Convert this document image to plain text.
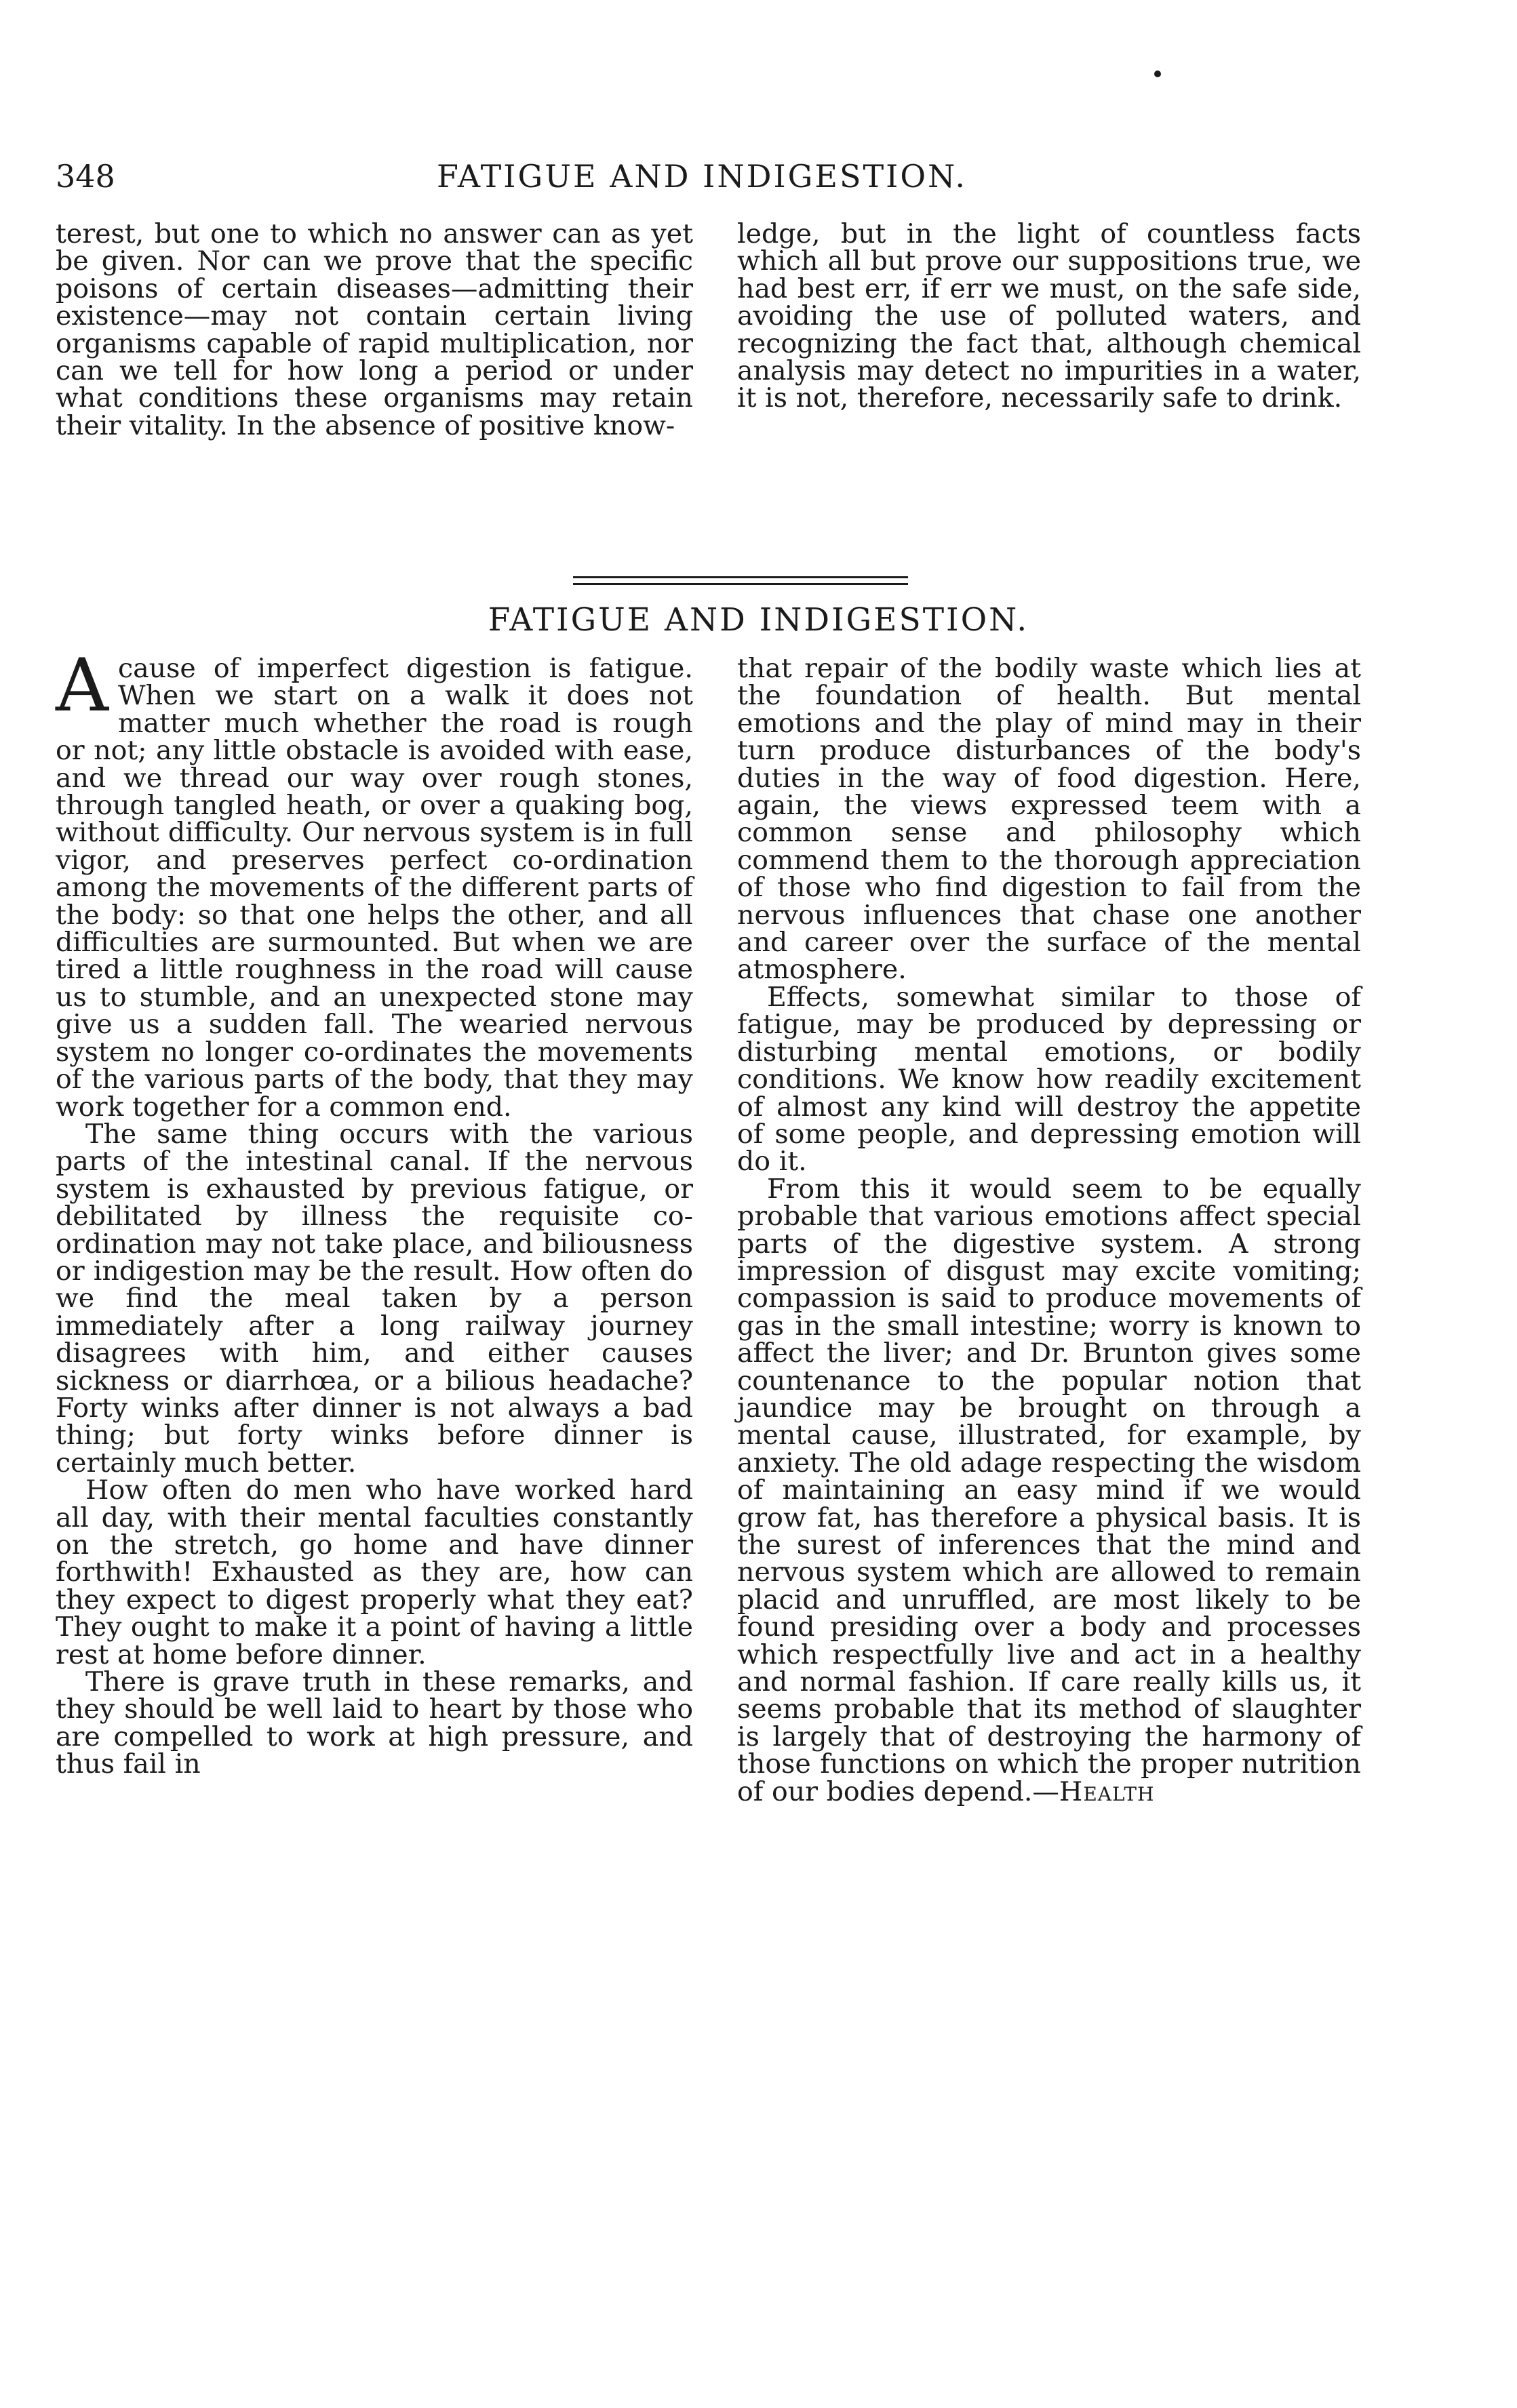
348	FATIGUE AND INDIGESTION.

terest, but one to which no answer can as yet be given. Nor can we prove that the specific poisons of certain diseases—admitting their existence—may not contain certain living organisms capable of rapid multiplication, nor can we tell for how long a period or under what conditions these organisms may retain their vitality. In the absence of positive know-

ledge, but in the light of countless facts which all but prove our suppositions true, we had best err, if err we must, on the safe side, avoiding the use of polluted waters, and recognizing the fact that, although chemical analysis may detect no impurities in a water, it is not, therefore, necessarily safe to drink.

FATIGUE AND INDIGESTION.

Acause of imperfect digestion is fatigue. When we start on a walk it does not matter much whether the road is rough or not; any little obstacle is avoided with ease, and we thread our way over rough stones, through tangled heath, or over a quaking bog, without difficulty. Our nervous system is in full vigor, and preserves perfect co-ordination among the movements of the different parts of the body: so that one helps the other, and all difficulties are surmounted. But when we are tired a little roughness in the road will cause us to stumble, and an unexpected stone may give us a sudden fall. The wearied nervous system no longer co-ordinates the movements of the various parts of the body, that they may work together for a common end.

The same thing occurs with the various parts of the intestinal canal. If the nervous system is exhausted by previous fatigue, or debilitated by illness the requisite co-ordination may not take place, and biliousness or indigestion may be the result. How often do we find the meal taken by a person immediately after a long railway journey disagrees with him, and either causes sickness or diarrhœa, or a bilious headache? Forty winks after dinner is not always a bad thing; but forty winks before dinner is certainly much better.

How often do men who have worked hard all day, with their mental faculties constantly on the stretch, go home and have dinner forthwith! Exhausted as they are, how can they expect to digest properly what they eat? They ought to make it a point of having a little rest at home before dinner.

There is grave truth in these remarks, and they should be well laid to heart by those who are compelled to work at high pressure, and thus fail in

that repair of the bodily waste which lies at the foundation of health. But mental emotions and the play of mind may in their turn produce disturbances of the body's duties in the way of food digestion. Here, again, the views expressed teem with a common sense and philosophy which commend them to the thorough appreciation of those who find digestion to fail from the nervous influences that chase one another and career over the surface of the mental atmosphere.

Effects, somewhat similar to those of fatigue, may be produced by depressing or disturbing mental emotions, or bodily conditions. We know how readily excitement of almost any kind will destroy the appetite of some people, and depressing emotion will do it.

From this it would seem to be equally probable that various emotions affect special parts of the digestive system. A strong impression of disgust may excite vomiting; compassion is said to produce movements of gas in the small intestine; worry is known to affect the liver; and Dr. Brunton gives some countenance to the popular notion that jaundice may be brought on through a mental cause, illustrated, for example, by anxiety. The old adage respecting the wisdom of maintaining an easy mind if we would grow fat, has therefore a physical basis. It is the surest of inferences that the mind and nervous system which are allowed to remain placid and unruffled, are most likely to be found presiding over a body and processes which respectfully live and act in a healthy and normal fashion. If care really kills us, it seems probable that its method of slaughter is largely that of destroying the harmony of those functions on which the proper nutrition of our bodies depend.—Health
